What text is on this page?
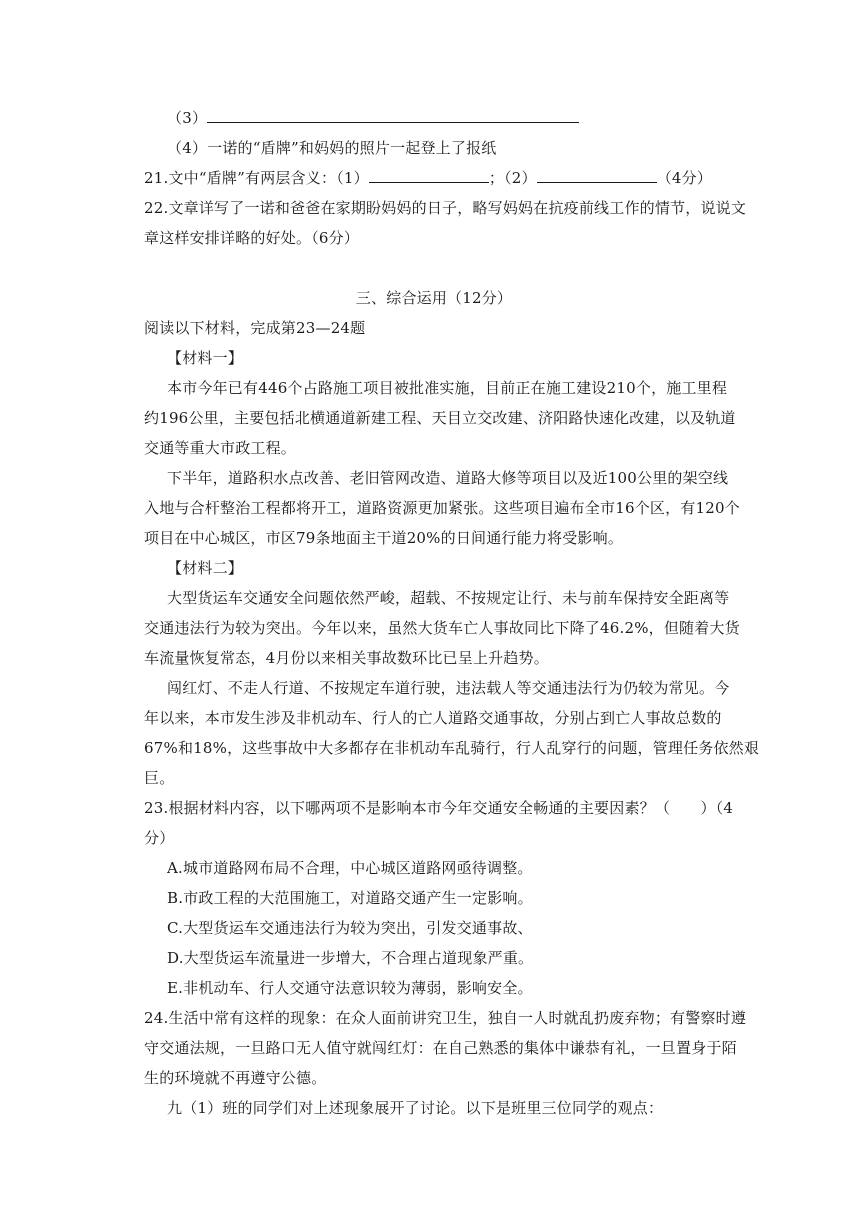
（3）
（4）一诺的“盾牌”和妈妈的照片一起登上了报纸
21.文中“盾牌”有两层含义：（1）	；（2）	（4分）
22.文章详写了一诺和爸爸在家期盼妈妈的日子，略写妈妈在抗疫前线工作的情节，说说文
章这样安排详略的好处。（6分）
三、综合运用（12分）
阅读以下材料，完成第23—24题
【材料一】
本市今年已有446个占路施工项目被批准实施，目前正在施工建设210个，施工里程
约196公里，主要包括北横通道新建工程、天目立交改建、济阳路快速化改建，以及轨道
交通等重大市政工程。
下半年，道路积水点改善、老旧管网改造、道路大修等项目以及近100公里的架空线
入地与合杆整治工程都将开工，道路资源更加紧张。这些项目遍布全市16个区，有120个
项目在中心城区，市区79条地面主干道20%的日间通行能力将受影响。
【材料二】
大型货运车交通安全问题依然严峻，超载、不按规定让行、未与前车保持安全距离等
交通违法行为较为突出。今年以来，虽然大货车亡人事故同比下降了46.2%，但随着大货
车流量恢复常态，4月份以来相关事故数环比已呈上升趋势。
闯红灯、不走人行道、不按规定车道行驶，违法载人等交通违法行为仍较为常见。今
年以来，本市发生涉及非机动车、行人的亡人道路交通事故，分别占到亡人事故总数的
67%和18%，这些事故中大多都存在非机动车乱骑行，行人乱穿行的问题，管理任务依然艰
巨。
23.根据材料内容，以下哪两项不是影响本市今年交通安全畅通的主要因素？（　　）（4
分）
A.城市道路网布局不合理，中心城区道路网亟待调整。
B.市政工程的大范围施工，对道路交通产生一定影响。
C.大型货运车交通违法行为较为突出，引发交通事故、
D.大型货运车流量进一步增大，不合理占道现象严重。
E.非机动车、行人交通守法意识较为薄弱，影响安全。
24.生活中常有这样的现象：在众人面前讲究卫生，独自一人时就乱扔废弃物；有警察时遵
守交通法规，一旦路口无人值守就闯红灯：在自己熟悉的集体中谦恭有礼，一旦置身于陌
生的环境就不再遵守公德。
九（1）班的同学们对上述现象展开了讨论。以下是班里三位同学的观点：
